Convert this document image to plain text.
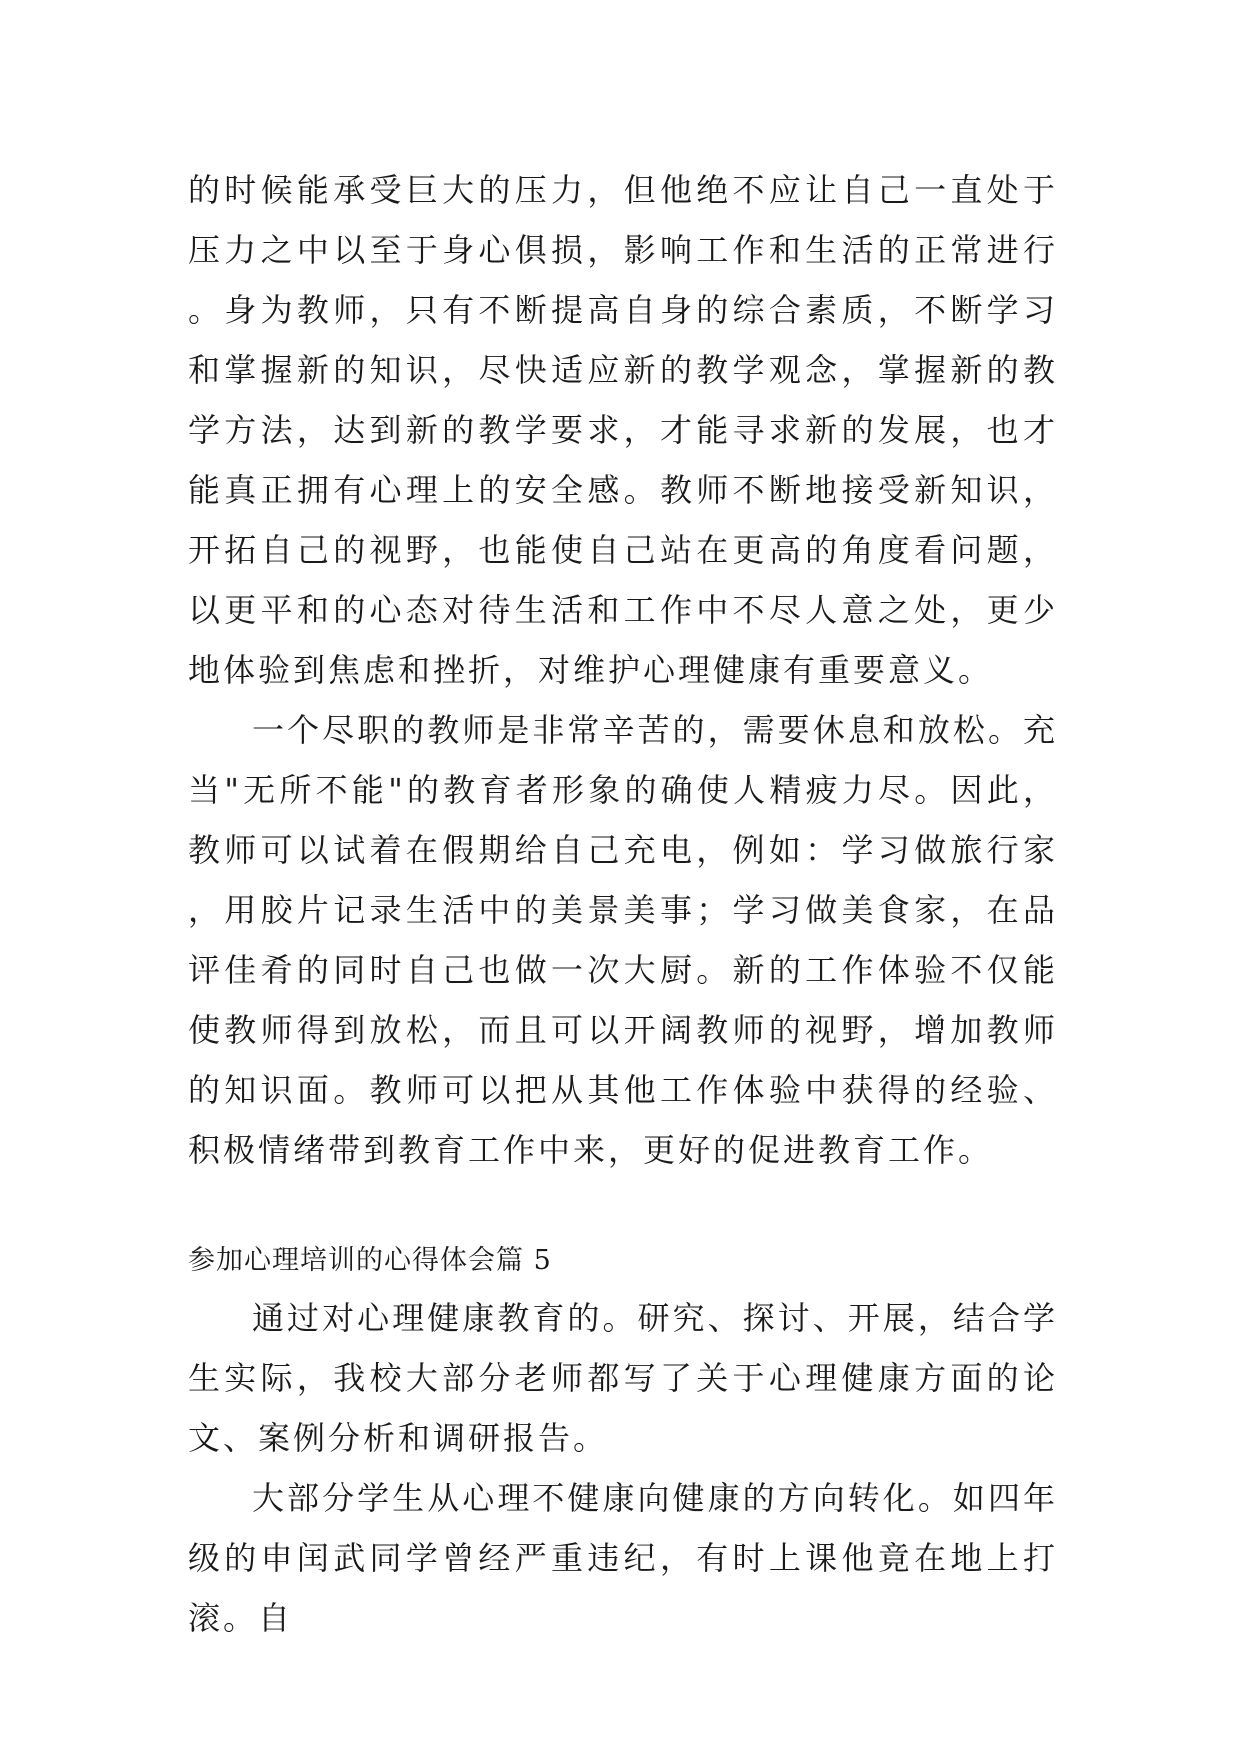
的时候能承受巨大的压力，但他绝不应让自己一直处于压力之中以至于身心俱损，影响工作和生活的正常进行。身为教师，只有不断提高自身的综合素质，不断学习和掌握新的知识，尽快适应新的教学观念，掌握新的教学方法，达到新的教学要求，才能寻求新的发展，也才能真正拥有心理上的安全感。教师不断地接受新知识，开拓自己的视野，也能使自己站在更高的角度看问题，以更平和的心态对待生活和工作中不尽人意之处，更少地体验到焦虑和挫折，对维护心理健康有重要意义。

一个尽职的教师是非常辛苦的，需要休息和放松。充当"无所不能"的教育者形象的确使人精疲力尽。因此，教师可以试着在假期给自己充电，例如：学习做旅行家，用胶片记录生活中的美景美事；学习做美食家，在品评佳肴的同时自己也做一次大厨。新的工作体验不仅能使教师得到放松，而且可以开阔教师的视野，增加教师的知识面。教师可以把从其他工作体验中获得的经验、积极情绪带到教育工作中来，更好的促进教育工作。

参加心理培训的心得体会篇 5

通过对心理健康教育的。研究、探讨、开展，结合学生实际，我校大部分老师都写了关于心理健康方面的论文、案例分析和调研报告。

大部分学生从心理不健康向健康的方向转化。如四年级的申闰武同学曾经严重违纪，有时上课他竟在地上打滚。自
